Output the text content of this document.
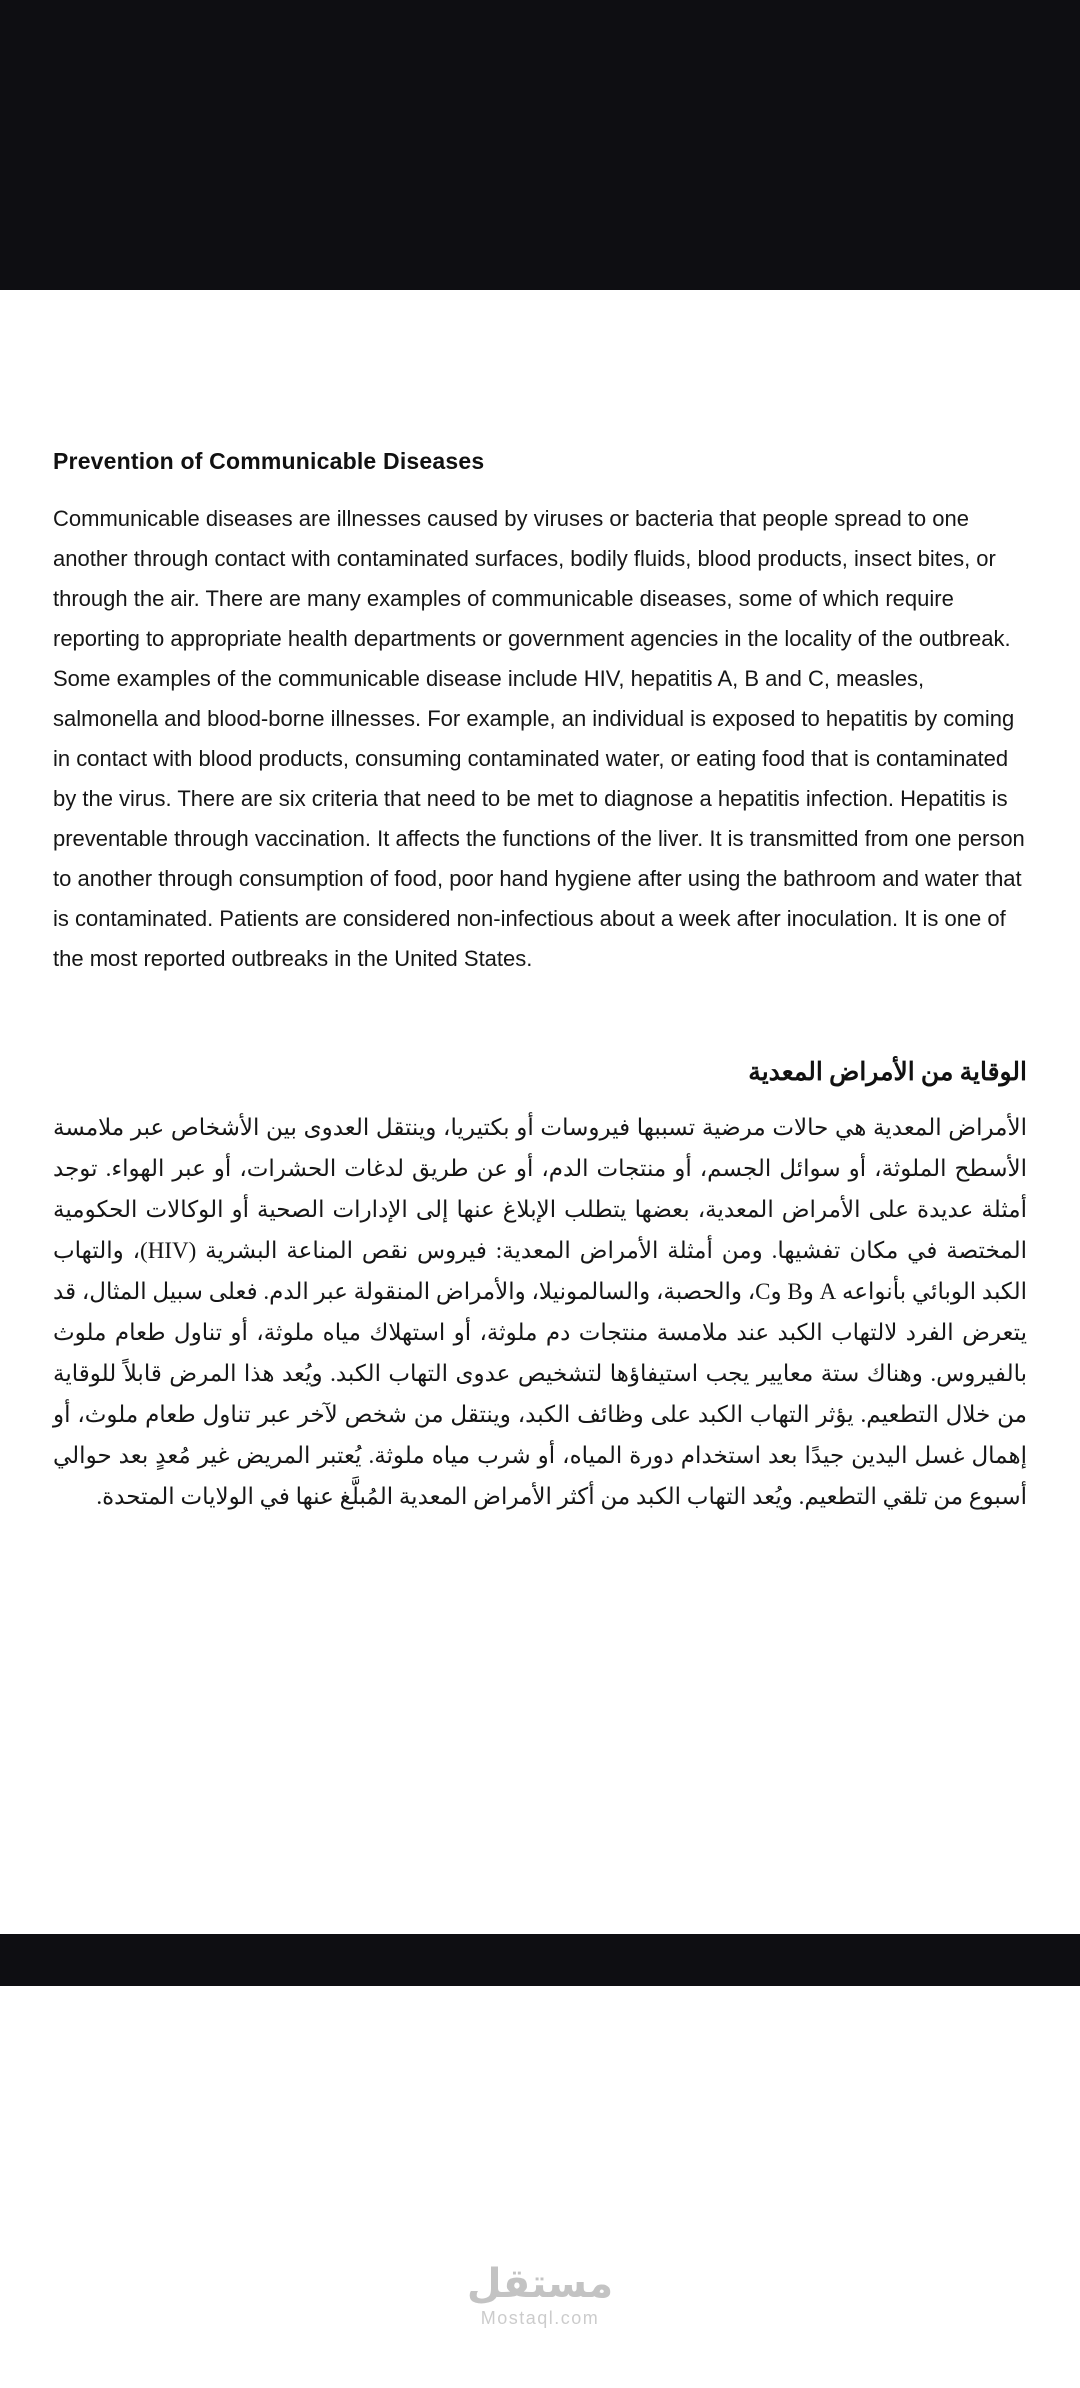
Prevention of Communicable Diseases

Communicable diseases are illnesses caused by viruses or bacteria that people spread to one another through contact with contaminated surfaces, bodily fluids, blood products, insect bites, or through the air. There are many examples of communicable diseases, some of which require reporting to appropriate health departments or government agencies in the locality of the outbreak. Some examples of the communicable disease include HIV, hepatitis A, B and C, measles, salmonella and blood-borne illnesses. For example, an individual is exposed to hepatitis by coming in contact with blood products, consuming contaminated water, or eating food that is contaminated by the virus. There are six criteria that need to be met to diagnose a hepatitis infection. Hepatitis is preventable through vaccination. It affects the functions of the liver. It is transmitted from one person to another through consumption of food, poor hand hygiene after using the bathroom and water that is contaminated. Patients are considered non-infectious about a week after inoculation. It is one of the most reported outbreaks in the United States.

الوقاية من الأمراض المعدية

الأمراض المعدية هي حالات مرضية تسببها فيروسات أو بكتيريا، وينتقل العدوى بين الأشخاص عبر ملامسة الأسطح الملوثة، أو سوائل الجسم، أو منتجات الدم، أو عن طريق لدغات الحشرات، أو عبر الهواء. توجد أمثلة عديدة على الأمراض المعدية، بعضها يتطلب الإبلاغ عنها إلى الإدارات الصحية أو الوكالات الحكومية المختصة في مكان تفشيها. ومن أمثلة الأمراض المعدية: فيروس نقص المناعة البشرية (HIV)، والتهاب الكبد الوبائي بأنواعه A وB وC، والحصبة، والسالمونيلا، والأمراض المنقولة عبر الدم. فعلى سبيل المثال، قد يتعرض الفرد لالتهاب الكبد عند ملامسة منتجات دم ملوثة، أو استهلاك مياه ملوثة، أو تناول طعام ملوث بالفيروس. وهناك ستة معايير يجب استيفاؤها لتشخيص عدوى التهاب الكبد. ويُعد هذا المرض قابلاً للوقاية من خلال التطعيم. يؤثر التهاب الكبد على وظائف الكبد، وينتقل من شخص لآخر عبر تناول طعام ملوث، أو إهمال غسل اليدين جيدًا بعد استخدام دورة المياه، أو شرب مياه ملوثة. يُعتبر المريض غير مُعدٍ بعد حوالي أسبوع من تلقي التطعيم. ويُعد التهاب الكبد من أكثر الأمراض المعدية المُبلَّغ عنها في الولايات المتحدة.

مستقل
Mostaql.com
